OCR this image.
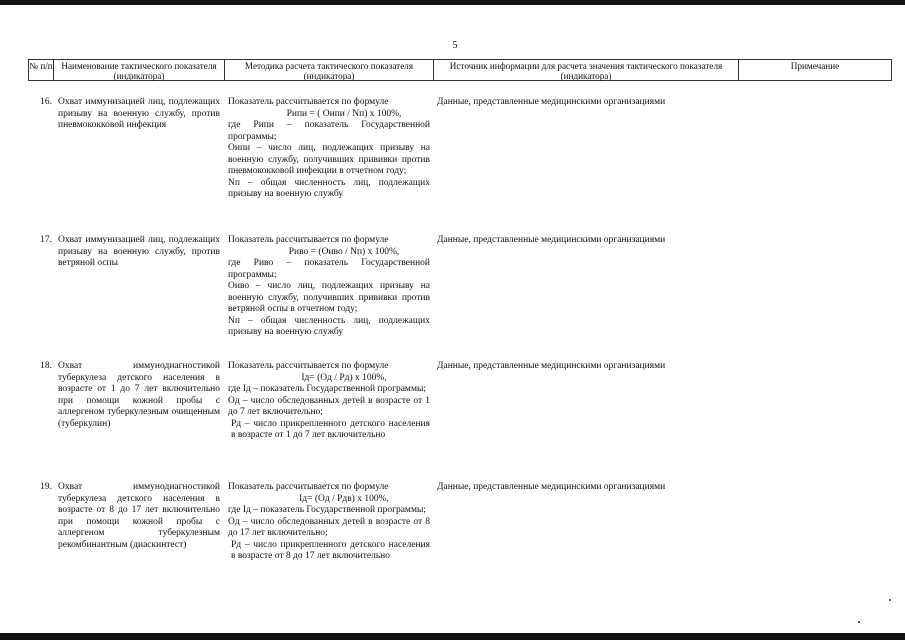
5
№ п/п Наименование тактического показателя (индикатора)
Методика расчета тактического показателя (индикатора)
Источник информации для расчета значения тактического показателя (индикатора)
Примечание
16. Охват иммунизацией лиц, подлежащих призыву на военную службу, против пневмококковой инфекция
Показатель рассчитывается по формуле
Pипи = ( Oипи / Nп) x 100%,
где Pипи – показатель Государственной программы;
Oипи – число лиц, подлежащих призыву на военную службу, получивших прививки против пневмококковой инфекции в отчетном году;
Nп – общая численность лиц, подлежащих призыву на военную службу
Данные, представленные медицинскими организациями
17. Охват иммунизацией лиц, подлежащих призыву на военную службу, против ветряной оспы
Показатель рассчитывается по формуле
Pиво = (Oиво / Nп) x 100%,
где Pиво – показатель Государственной программы;
Oиво – число лиц, подлежащих призыву на военную службу, получивших прививки против ветряной оспы в отчетном году;
Nп – общая численность лиц, подлежащих призыву на военную службу
Данные, представленные медицинскими организациями
18. Охват иммунодиагностикой туберкулеза детского населения в возрасте от 1 до 7 лет включительно при помощи кожной пробы с аллергеном туберкулезным очищенным (туберкулин)
Показатель рассчитывается по формуле
Iд= (Oд / Pд) x 100%,
где Iд – показатель Государственной программы;
Oд – число обследованных детей в возрасте от 1 до 7 лет включительно;
Pд – число прикрепленного детского населения в возрасте от 1 до 7 лет включительно
Данные, представленные медицинскими организациями
19. Охват иммунодиагностикой туберкулеза детского населения в возрасте от 8 до 17 лет включительно при помощи кожной пробы с аллергеном туберкулезным рекомбинантным (диаскинтест)
Показатель рассчитывается по формуле
Iд= (Oд / Pдв) x 100%,
где Iд – показатель Государственной программы;
Oд – число обследованных детей в возрасте от 8 до 17 лет включительно;
Pд – число прикрепленного детского населения в возрасте от 8 до 17 лет включительно
Данные, представленные медицинскими организациями
